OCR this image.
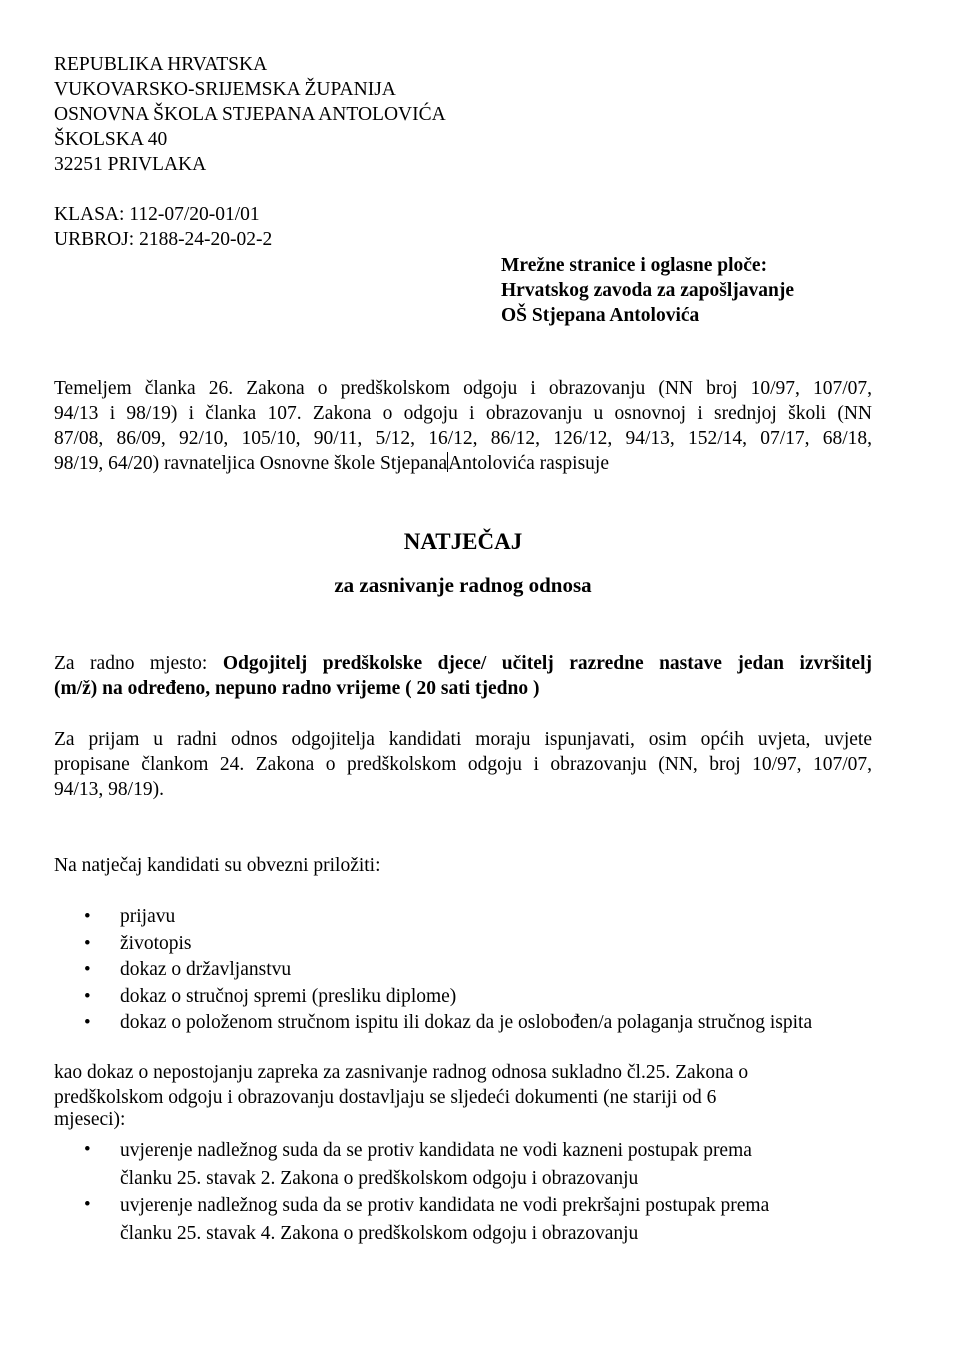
REPUBLIKA HRVATSKA
VUKOVARSKO-SRIJEMSKA ŽUPANIJA
OSNOVNA ŠKOLA STJEPANA ANTOLOVIĆA
ŠKOLSKA 40
32251 PRIVLAKA
KLASA: 112-07/20-01/01
URBROJ: 2188-24-20-02-2
Mrežne stranice i oglasne ploče:
Hrvatskog zavoda za zapošljavanje
OŠ Stjepana Antolovića
Temeljem članka 26. Zakona o predškolskom odgoju i obrazovanju (NN broj 10/97, 107/07,
94/13 i 98/19) i članka 107. Zakona o odgoju i obrazovanju u osnovnoj i srednjoj školi (NN
87/08, 86/09, 92/10, 105/10, 90/11, 5/12, 16/12, 86/12, 126/12, 94/13, 152/14, 07/17, 68/18,
98/19, 64/20) ravnateljica Osnovne škole StjepanaAntolovića raspisuje
NATJEČAJ
za zasnivanje radnog odnosa
Za radno mjesto: Odgojitelj predškolske djece/ učitelj razredne nastave jedan izvršitelj
(m/ž) na određeno, nepuno radno vrijeme ( 20 sati tjedno )
Za prijam u radni odnos odgojitelja kandidati moraju ispunjavati, osim općih uvjeta, uvjete
propisane člankom 24. Zakona o predškolskom odgoju i obrazovanju (NN, broj 10/97, 107/07,
94/13, 98/19).
Na natječaj kandidati su obvezni priložiti:
• prijavu
• životopis
• dokaz o državljanstvu
• dokaz o stručnoj spremi (presliku diplome)
• dokaz o položenom stručnom ispitu ili dokaz da je oslobođen/a polaganja stručnog ispita
kao dokaz o nepostojanju zapreka za zasnivanje radnog odnosa sukladno čl.25. Zakona o
predškolskom odgoju i obrazovanju dostavljaju se sljedeći dokumenti (ne stariji od 6
mjeseci):
• uvjerenje nadležnog suda da se protiv kandidata ne vodi kazneni postupak prema
članku 25. stavak 2. Zakona o predškolskom odgoju i obrazovanju
• uvjerenje nadležnog suda da se protiv kandidata ne vodi prekršajni postupak prema
članku 25. stavak 4. Zakona o predškolskom odgoju i obrazovanju
